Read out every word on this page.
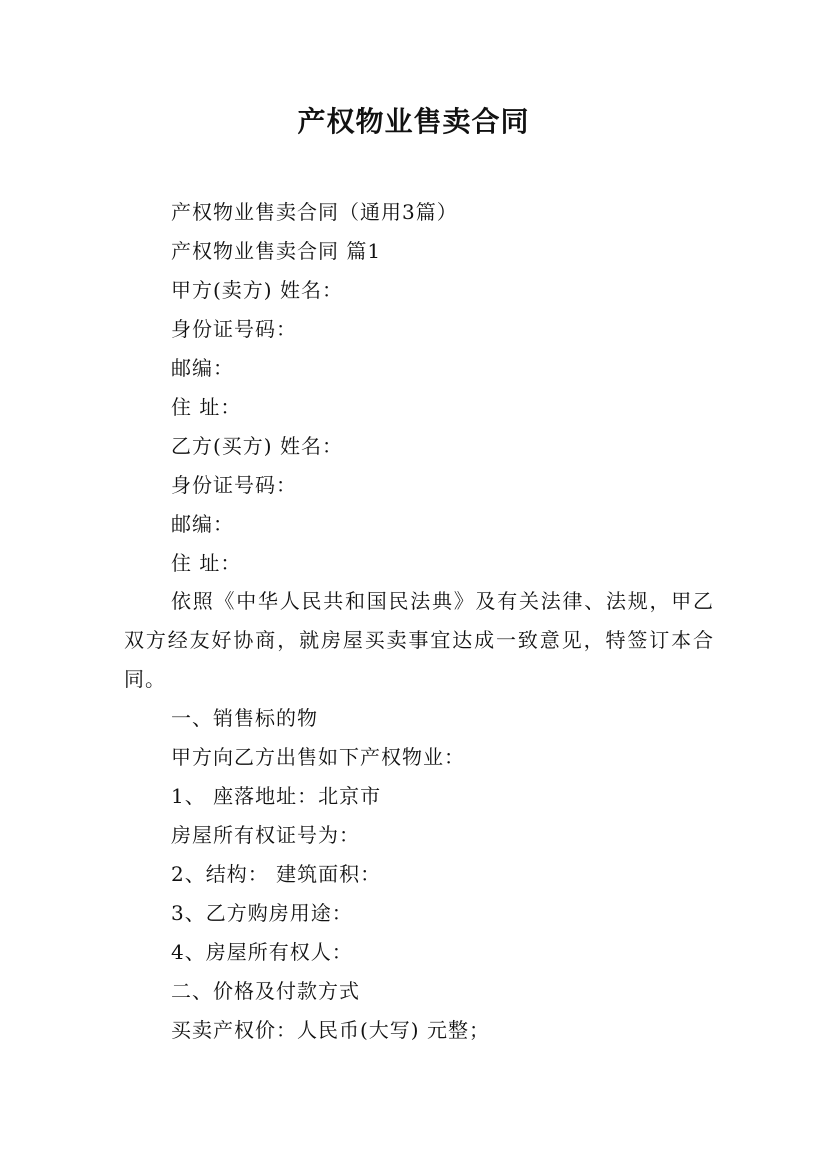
产权物业售卖合同
产权物业售卖合同（通用3篇）
产权物业售卖合同 篇1
甲方(卖方) 姓名：
身份证号码：
邮编：
住 址：
乙方(买方) 姓名：
身份证号码：
邮编：
住 址：
依照《中华人民共和国民法典》及有关法律、法规，甲乙双方经友好协商，就房屋买卖事宜达成一致意见，特签订本合同。
一、销售标的物
甲方向乙方出售如下产权物业：
1、 座落地址：北京市
房屋所有权证号为：
2、结构： 建筑面积：
3、乙方购房用途：
4、房屋所有权人：
二、价格及付款方式
买卖产权价：人民币(大写) 元整；
